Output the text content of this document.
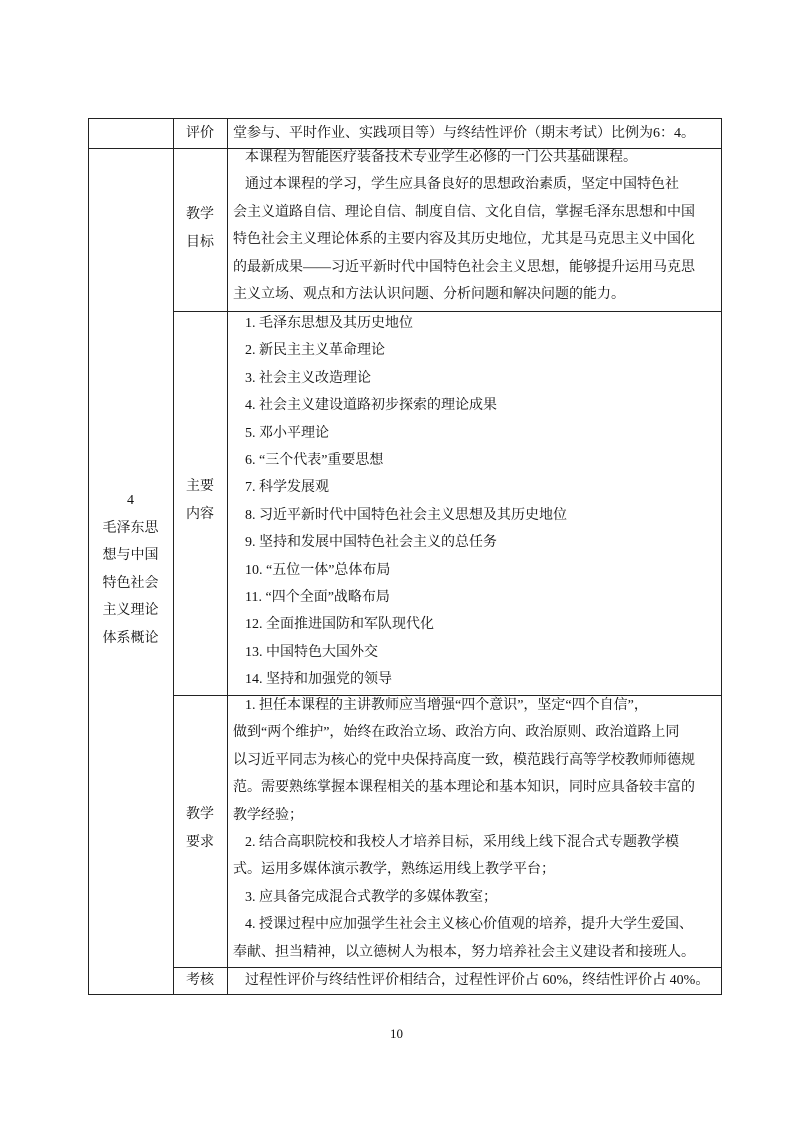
评价	堂参与、平时作业、实践项目等）与终结性评价（期末考试）比例为6：4。
4
毛泽东思
想与中国
特色社会
主义理论
体系概论
教学
目标
本课程为智能医疗装备技术专业学生必修的一门公共基础课程。
通过本课程的学习，学生应具备良好的思想政治素质，坚定中国特色社
会主义道路自信、理论自信、制度自信、文化自信，掌握毛泽东思想和中国
特色社会主义理论体系的主要内容及其历史地位，尤其是马克思主义中国化
的最新成果——习近平新时代中国特色社会主义思想，能够提升运用马克思
主义立场、观点和方法认识问题、分析问题和解决问题的能力。
主要
内容
1. 毛泽东思想及其历史地位
2. 新民主主义革命理论
3. 社会主义改造理论
4. 社会主义建设道路初步探索的理论成果
5. 邓小平理论
6. “三个代表”重要思想
7. 科学发展观
8. 习近平新时代中国特色社会主义思想及其历史地位
9. 坚持和发展中国特色社会主义的总任务
10. “五位一体”总体布局
11. “四个全面”战略布局
12. 全面推进国防和军队现代化
13. 中国特色大国外交
14. 坚持和加强党的领导
教学
要求
1. 担任本课程的主讲教师应当增强“四个意识”，坚定“四个自信”，
做到“两个维护”，始终在政治立场、政治方向、政治原则、政治道路上同
以习近平同志为核心的党中央保持高度一致，模范践行高等学校教师师德规
范。需要熟练掌握本课程相关的基本理论和基本知识，同时应具备较丰富的
教学经验；
2. 结合高职院校和我校人才培养目标，采用线上线下混合式专题教学模
式。运用多媒体演示教学，熟练运用线上教学平台；
3. 应具备完成混合式教学的多媒体教室；
4. 授课过程中应加强学生社会主义核心价值观的培养，提升大学生爱国、
奉献、担当精神，以立德树人为根本，努力培养社会主义建设者和接班人。
考核	过程性评价与终结性评价相结合，过程性评价占 60%，终结性评价占 40%。
10
